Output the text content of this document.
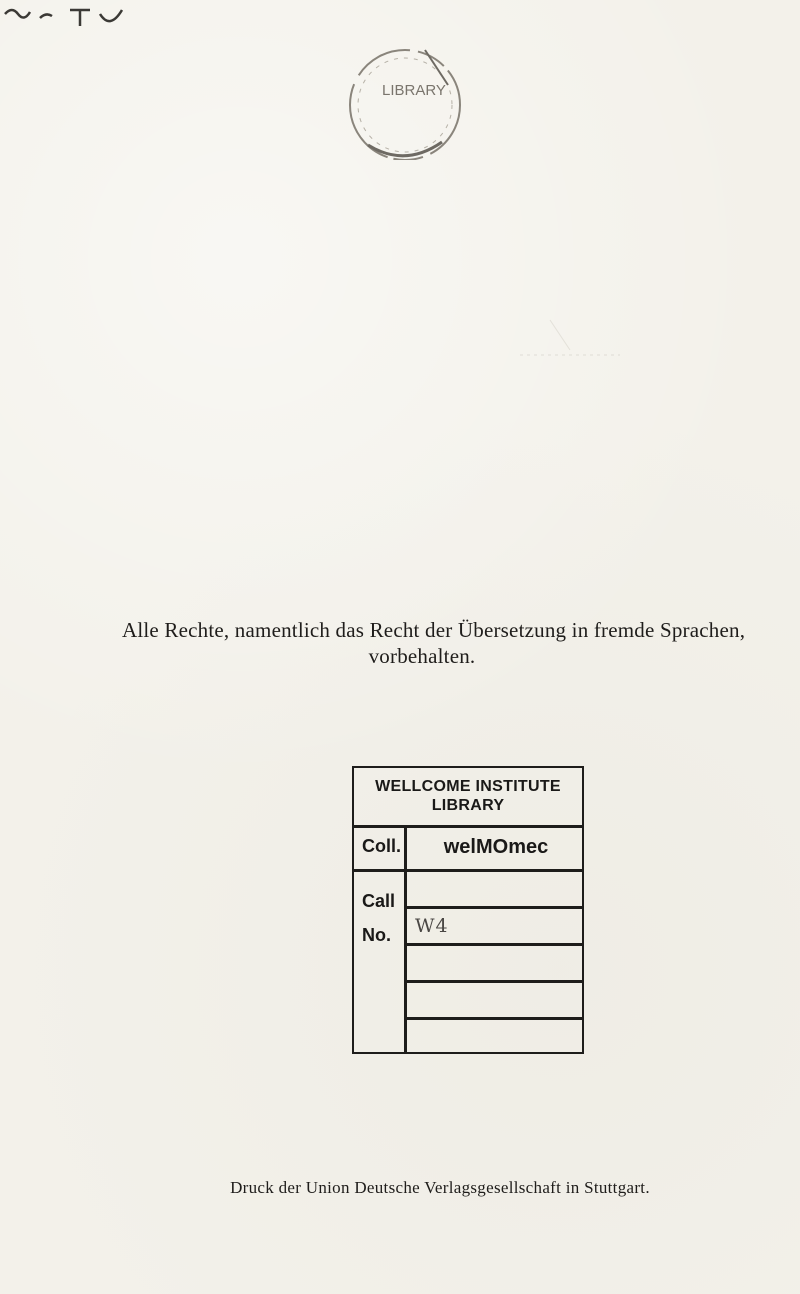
LIBRARY
Alle Rechte, namentlich das Recht der Übersetzung in fremde Sprachen,
vorbehalten.
WELLCOME INSTITUTE
LIBRARY
Coll.	welMOmec
Call
No. W4
Druck der Union Deutsche Verlagsgesellschaft in Stuttgart.
